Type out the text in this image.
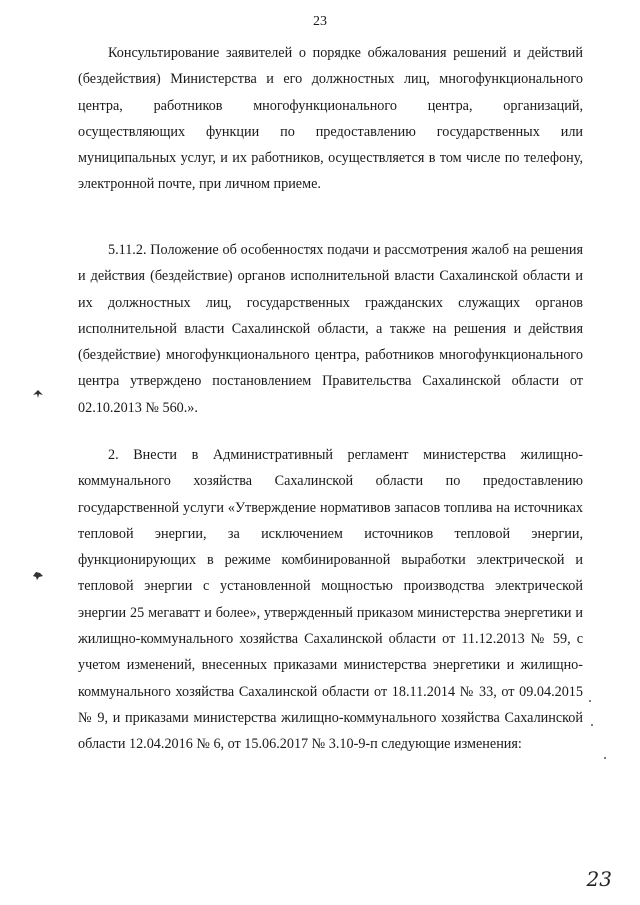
23

Консультирование заявителей о порядке обжалования решений и действий (бездействия) Министерства и его должностных лиц, многофункционального центра, работников многофункционального центра, организаций, осуществляющих функции по предоставлению государственных или муниципальных услуг, и их работников, осуществляется в том числе по телефону, электронной почте, при личном приеме.

5.11.2. Положение об особенностях подачи и рассмотрения жалоб на решения и действия (бездействие) органов исполнительной власти Сахалинской области и их должностных лиц, государственных гражданских служащих органов исполнительной власти Сахалинской области, а также на решения и действия (бездействие) многофункционального центра, работников многофункционального центра утверждено постановлением Правительства Сахалинской области от 02.10.2013 № 560.».

2. Внести в Административный регламент министерства жилищно-коммунального хозяйства Сахалинской области по предоставлению государственной услуги «Утверждение нормативов запасов топлива на источниках тепловой энергии, за исключением источников тепловой энергии, функционирующих в режиме комбинированной выработки электрической и тепловой энергии с установленной мощностью производства электрической энергии 25 мегаватт и более», утвержденный приказом министерства энергетики и жилищно-коммунального хозяйства Сахалинской области от 11.12.2013 № 59, с учетом изменений, внесенных приказами министерства энергетики и жилищно-коммунального хозяйства Сахалинской области от 18.11.2014 № 33, от 09.04.2015 № 9, и приказами министерства жилищно-коммунального хозяйства Сахалинской области 12.04.2016 № 6, от 15.06.2017 № 3.10-9-п следующие изменения:

23
